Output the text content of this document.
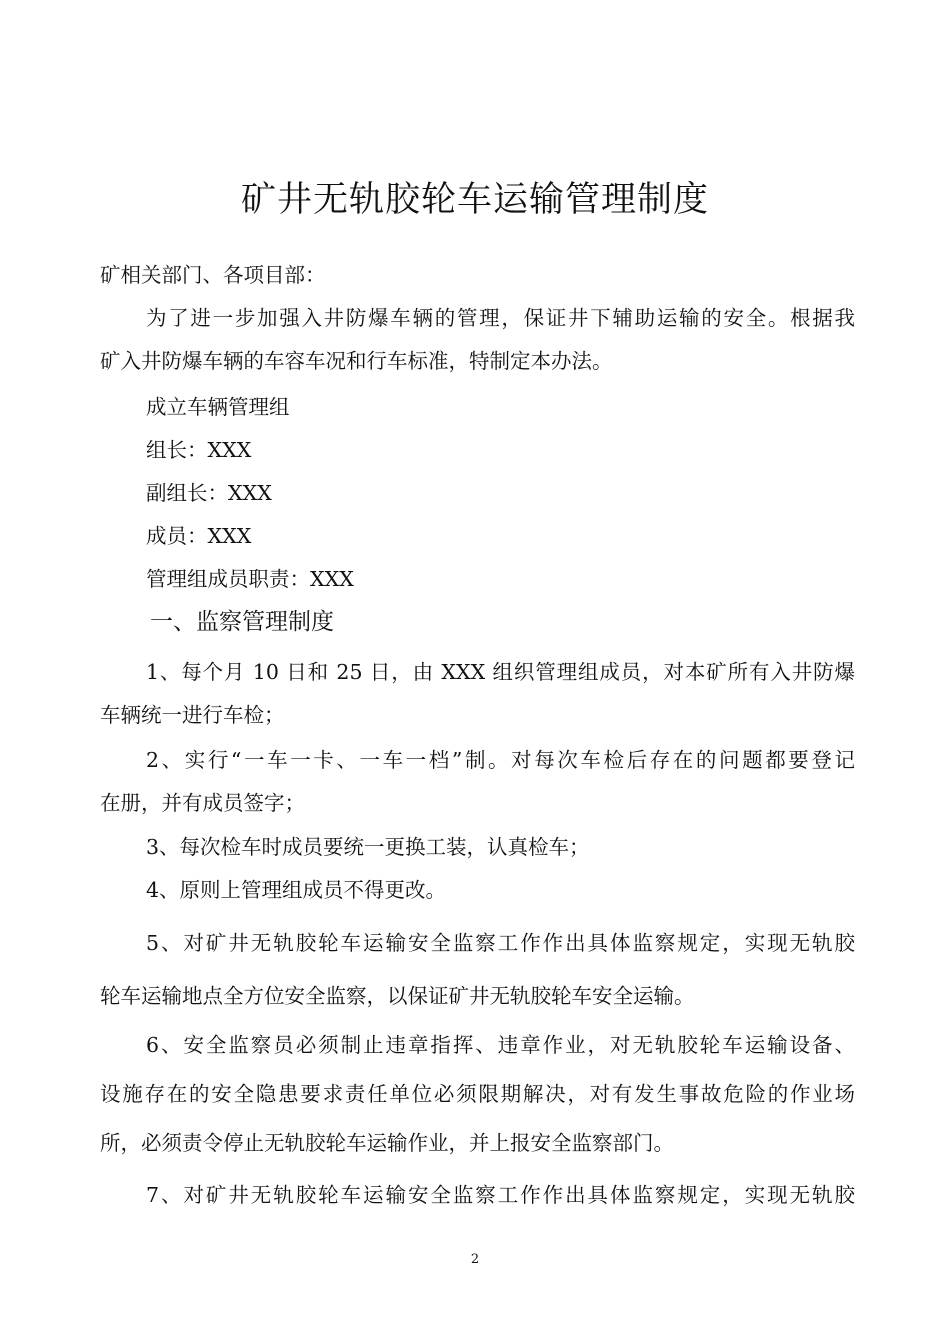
矿井无轨胶轮车运输管理制度
矿相关部门、各项目部：
为了进一步加强入井防爆车辆的管理，保证井下辅助运输的安全。根据我
矿入井防爆车辆的车容车况和行车标准，特制定本办法。
成立车辆管理组
组长：XXX
副组长：XXX
成员：XXX
管理组成员职责：XXX
一、监察管理制度
1、每个月 10 日和 25 日，由 XXX 组织管理组成员，对本矿所有入井防爆
车辆统一进行车检；
2、实行“一车一卡、一车一档”制。对每次车检后存在的问题都要登记
在册，并有成员签字；
3、每次检车时成员要统一更换工装，认真检车；
4、原则上管理组成员不得更改。
5、对矿井无轨胶轮车运输安全监察工作作出具体监察规定，实现无轨胶
轮车运输地点全方位安全监察，以保证矿井无轨胶轮车安全运输。
6、安全监察员必须制止违章指挥、违章作业，对无轨胶轮车运输设备、
设施存在的安全隐患要求责任单位必须限期解决，对有发生事故危险的作业场
所，必须责令停止无轨胶轮车运输作业，并上报安全监察部门。
7、对矿井无轨胶轮车运输安全监察工作作出具体监察规定，实现无轨胶
2
